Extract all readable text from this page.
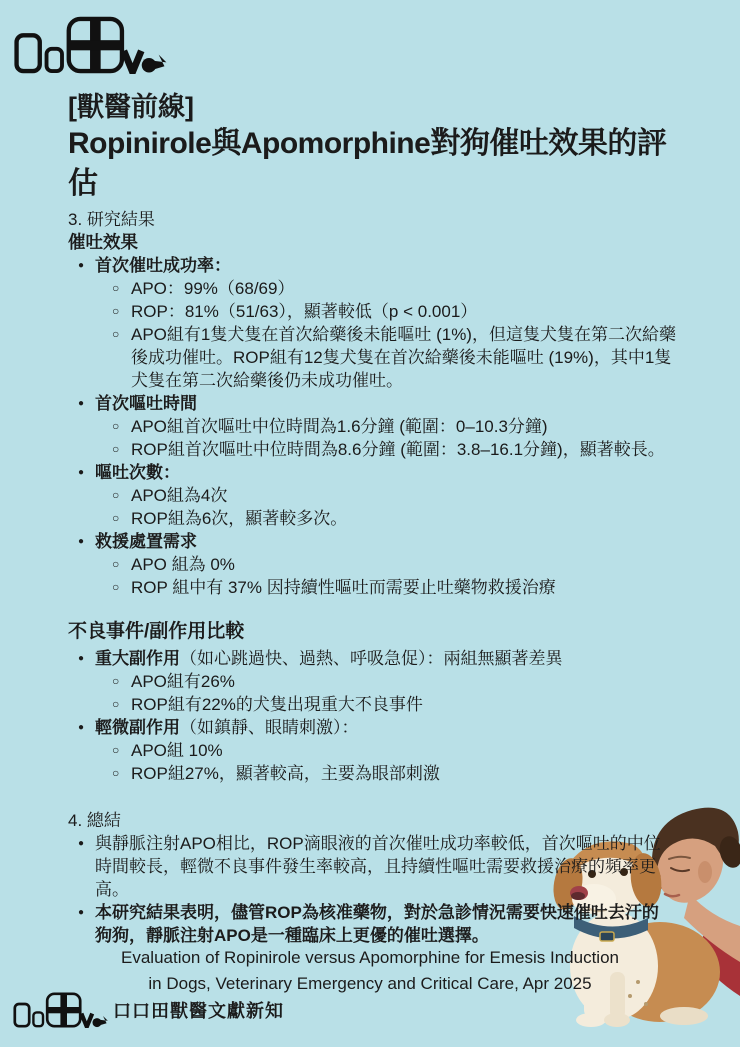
[獸醫前線]
Ropinirole與Apomorphine對狗催吐效果的評估
3. 研究結果
催吐效果
●
首次催吐成功率：
○
APO：99%（68/69）
○
ROP：81%（51/63），顯著較低（p < 0.001）
○
APO組有1隻犬隻在首次給藥後未能嘔吐 (1%)，但這隻犬隻在第二次給藥後成功催吐。ROP組有12隻犬隻在首次給藥後未能嘔吐 (19%)，其中1隻犬隻在第二次給藥後仍未成功催吐。
●
首次嘔吐時間
○
APO組首次嘔吐中位時間為1.6分鐘 (範圍：0–10.3分鐘)
○
ROP組首次嘔吐中位時間為8.6分鐘 (範圍：3.8–16.1分鐘)，顯著較長。
●
嘔吐次數：
○
APO組為4次
○
ROP組為6次，顯著較多次。
●
救援處置需求
○
APO 組為 0%
○
ROP 組中有 37% 因持續性嘔吐而需要止吐藥物救援治療
不良事件/副作用比較
●
重大副作用（如心跳過快、過熱、呼吸急促）：兩組無顯著差異
○
APO組有26%
○
ROP組有22%的犬隻出現重大不良事件
●
輕微副作用（如鎮靜、眼睛刺激）：
○
APO組 10%
○
ROP組27%，顯著較高，主要為眼部刺激
4. 總結
●
與靜脈注射APO相比，ROP滴眼液的首次催吐成功率較低，首次嘔吐的中位時間較長，輕微不良事件發生率較高，且持續性嘔吐需要救援治療的頻率更高。
●
本研究結果表明，儘管ROP為核准藥物，對於急診情況需要快速催吐去汙的狗狗，靜脈注射APO是一種臨床上更優的催吐選擇。
Evaluation of Ropinirole versus Apomorphine for Emesis Induction
in Dogs, Veterinary Emergency and Critical Care, Apr 2025
口口田獸醫文獻新知
